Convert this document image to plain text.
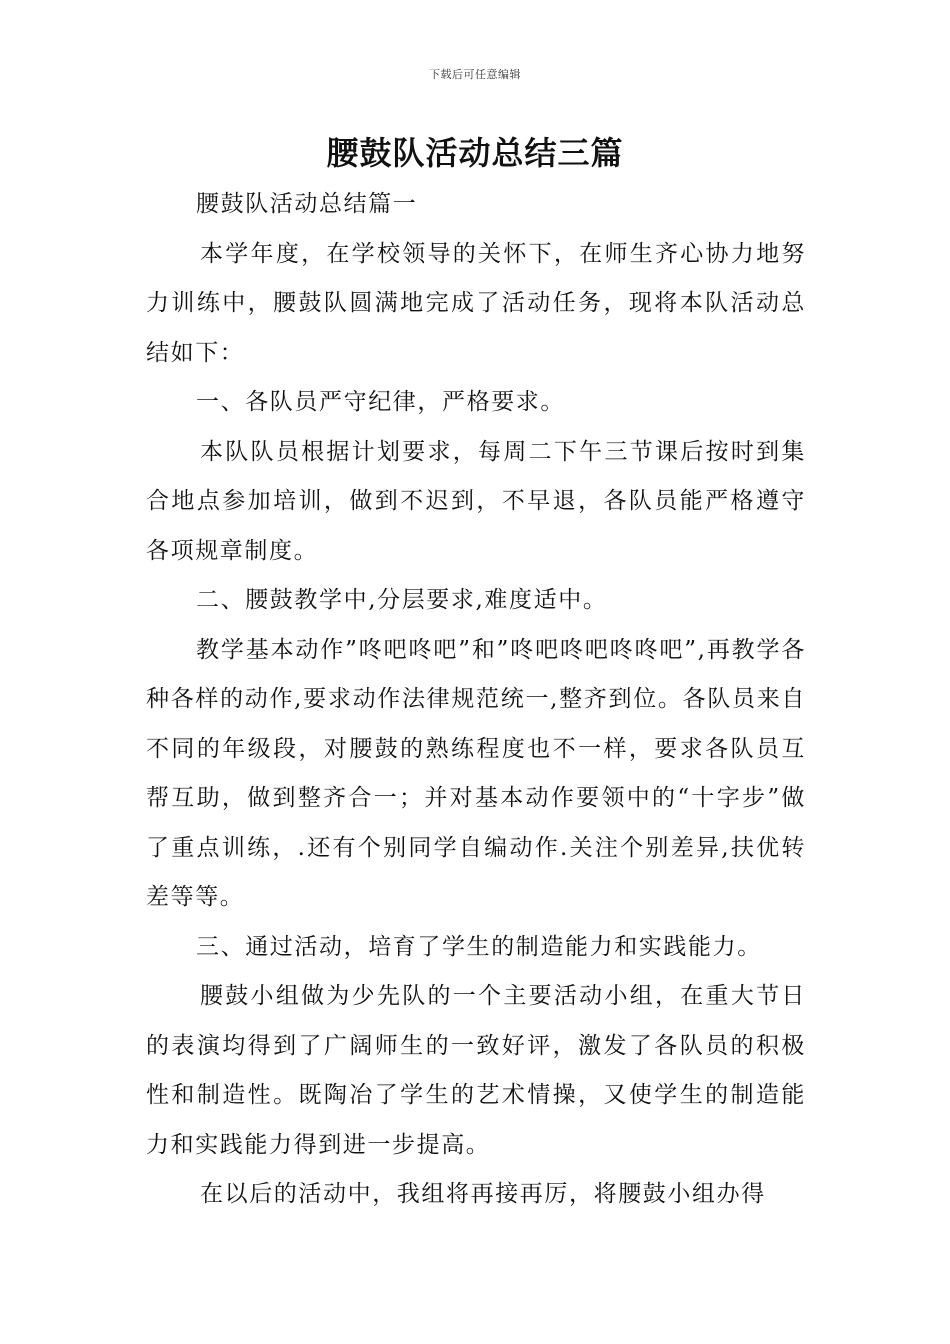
下载后可任意编辑
腰鼓队活动总结三篇

腰鼓队活动总结篇一

本学年度，在学校领导的关怀下，在师生齐心协力地努力训练中，腰鼓队圆满地完成了活动任务，现将本队活动总结如下：

一、各队员严守纪律，严格要求。

本队队员根据计划要求，每周二下午三节课后按时到集合地点参加培训，做到不迟到，不早退，各队员能严格遵守各项规章制度。

二、腰鼓教学中,分层要求,难度适中。

教学基本动作”咚吧咚吧”和”咚吧咚吧咚咚吧”,再教学各种各样的动作,要求动作法律规范统一,整齐到位。各队员来自不同的年级段，对腰鼓的熟练程度也不一样，要求各队员互帮互助，做到整齐合一；并对基本动作要领中的“十字步”做了重点训练，.还有个别同学自编动作.关注个别差异,扶优转差等等。

三、通过活动，培育了学生的制造能力和实践能力。

腰鼓小组做为少先队的一个主要活动小组，在重大节日的表演均得到了广阔师生的一致好评，激发了各队员的积极性和制造性。既陶冶了学生的艺术情操，又使学生的制造能力和实践能力得到进一步提高。

在以后的活动中，我组将再接再厉，将腰鼓小组办得
